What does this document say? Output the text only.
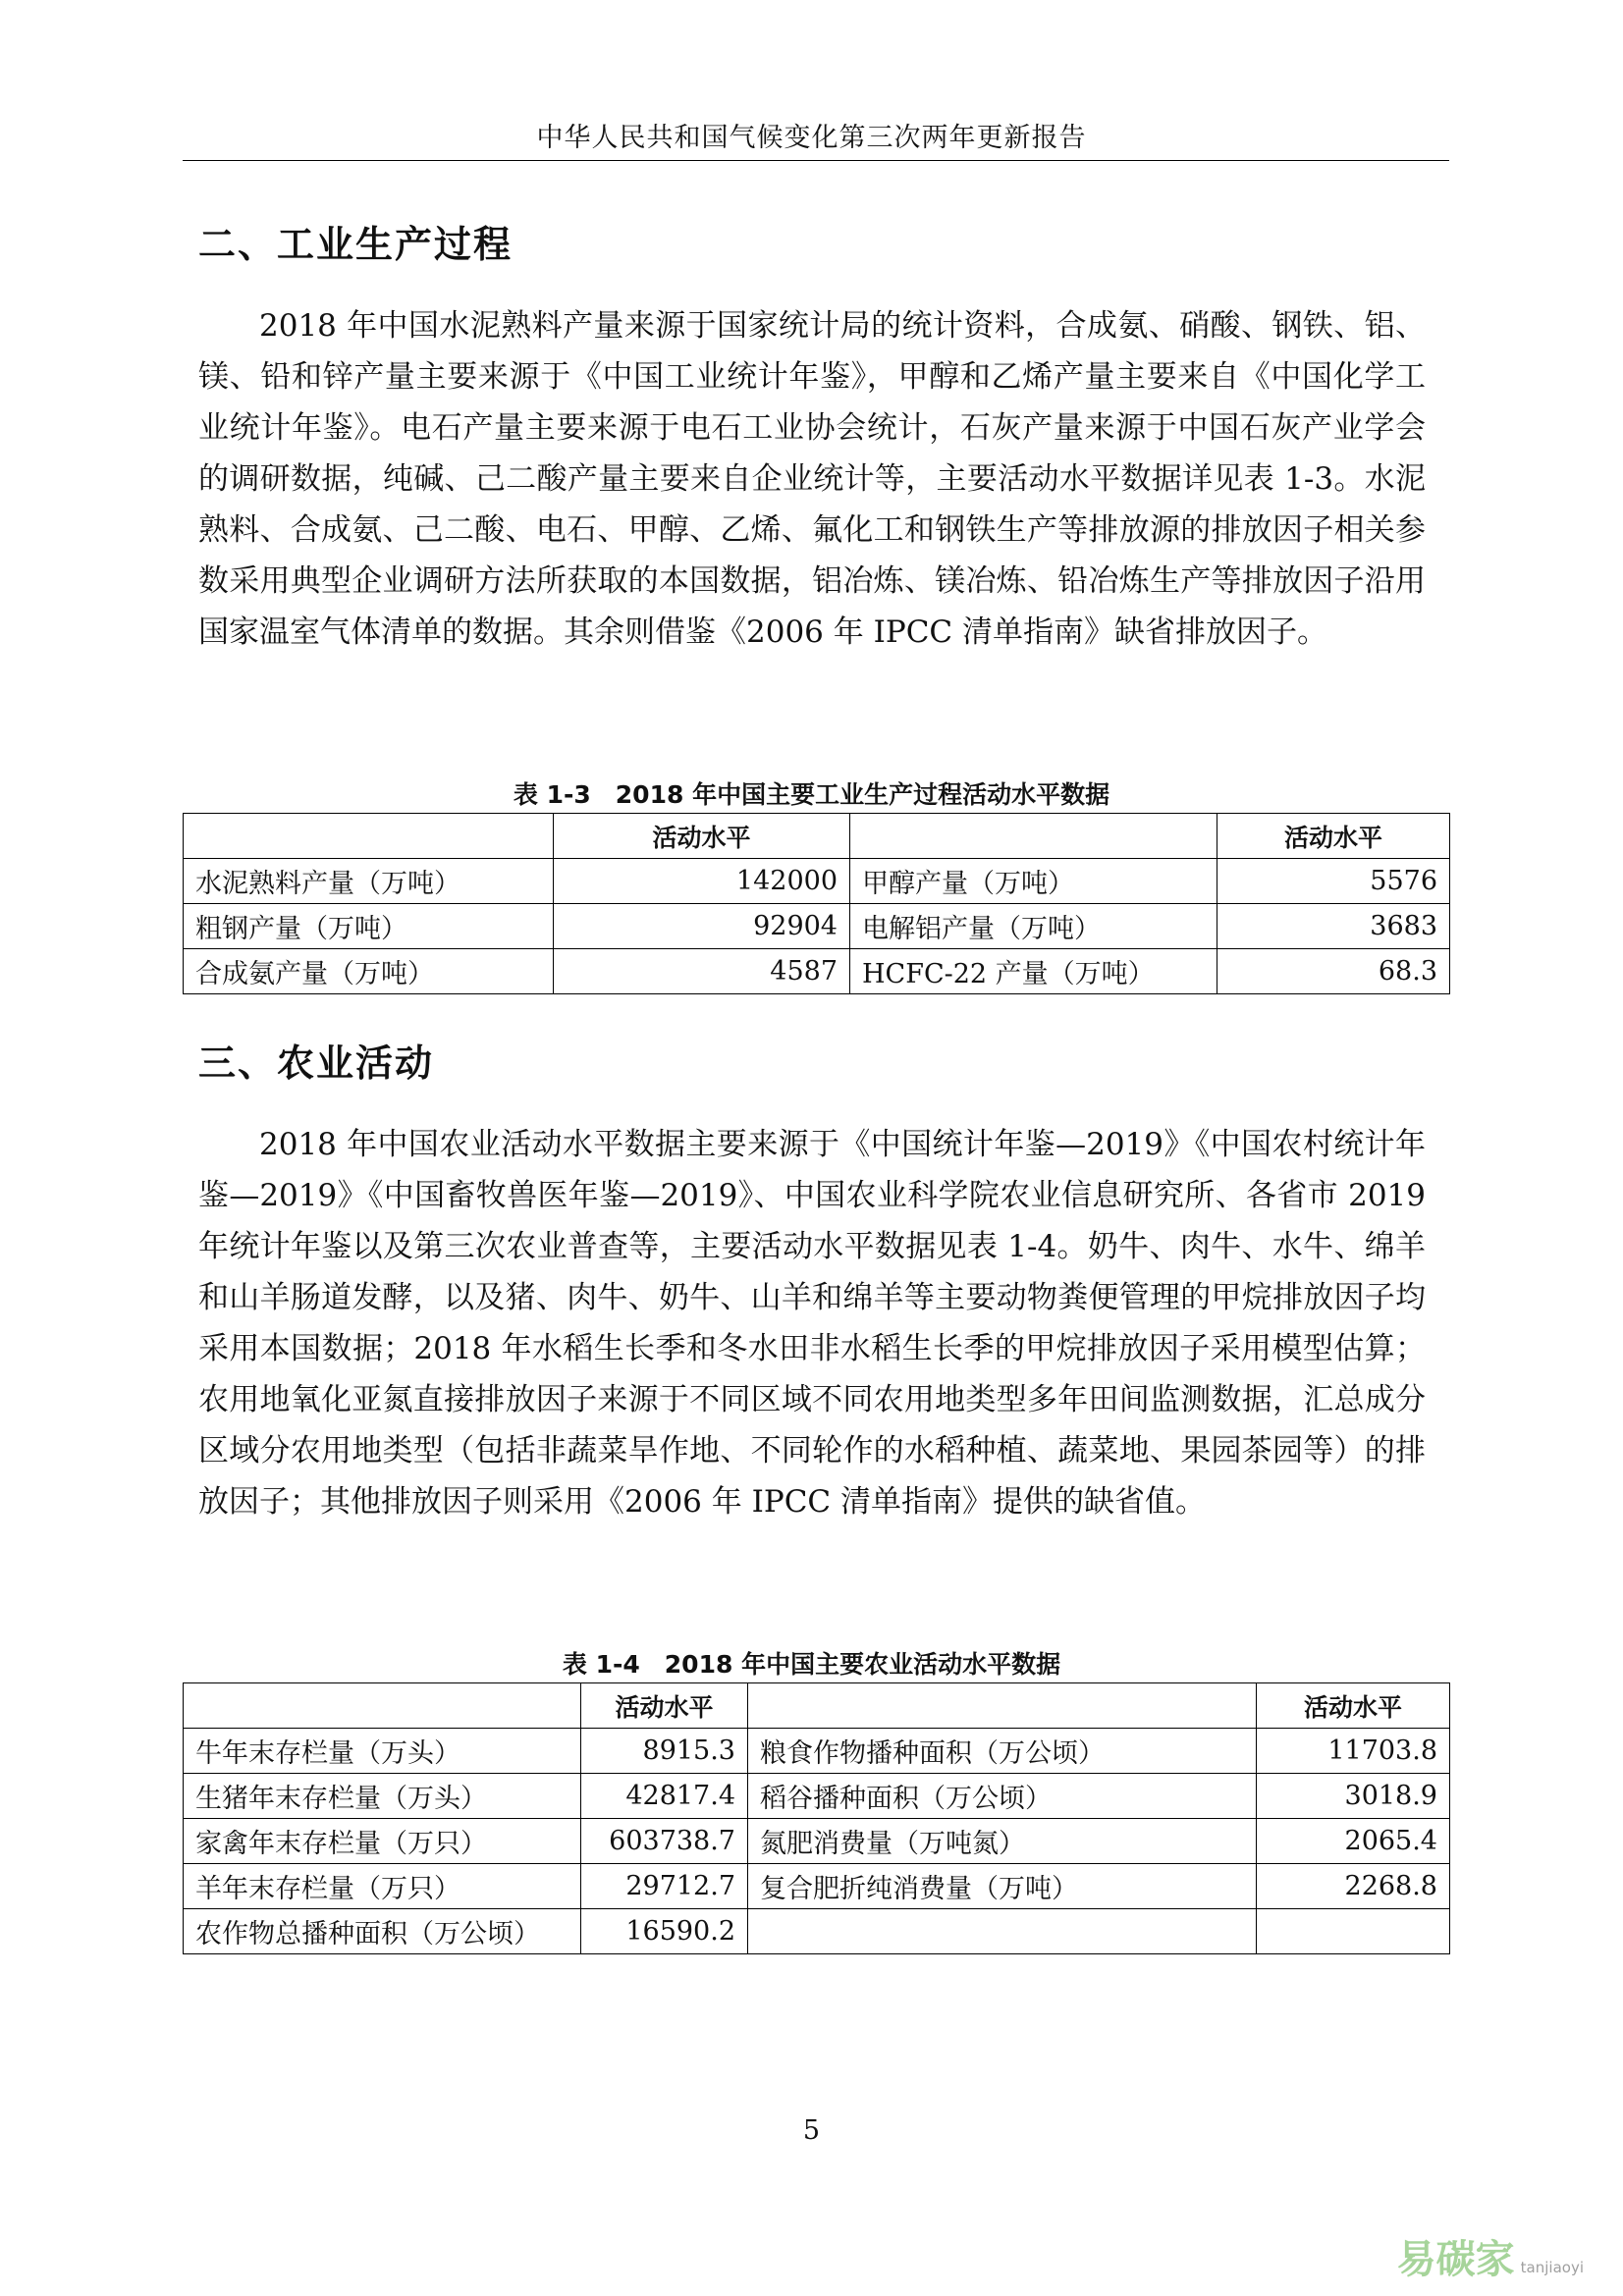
中华人民共和国气候变化第三次两年更新报告
二、工业生产过程

2018 年中国水泥熟料产量来源于国家统计局的统计资料，合成氨、硝酸、钢铁、铝、镁、铅和锌产量主要来源于《中国工业统计年鉴》，甲醇和乙烯产量主要来自《中国化学工业统计年鉴》。电石产量主要来源于电石工业协会统计，石灰产量来源于中国石灰产业学会的调研数据，纯碱、己二酸产量主要来自企业统计等，主要活动水平数据详见表 1-3。水泥熟料、合成氨、己二酸、电石、甲醇、乙烯、氟化工和钢铁生产等排放源的排放因子相关参数采用典型企业调研方法所获取的本国数据，铝冶炼、镁冶炼、铅冶炼生产等排放因子沿用国家温室气体清单的数据。其余则借鉴《2006 年 IPCC 清单指南》缺省排放因子。

表 1-3　2018 年中国主要工业生产过程活动水平数据
	活动水平		活动水平
水泥熟料产量（万吨）	142000	甲醇产量（万吨）	5576
粗钢产量（万吨）	92904	电解铝产量（万吨）	3683
合成氨产量（万吨）	4587	HCFC-22 产量（万吨）	68.3
三、农业活动

2018 年中国农业活动水平数据主要来源于《中国统计年鉴—2019》《中国农村统计年鉴—2019》《中国畜牧兽医年鉴—2019》、中国农业科学院农业信息研究所、各省市 2019 年统计年鉴以及第三次农业普查等，主要活动水平数据见表 1-4。奶牛、肉牛、水牛、绵羊和山羊肠道发酵，以及猪、肉牛、奶牛、山羊和绵羊等主要动物粪便管理的甲烷排放因子均采用本国数据；2018 年水稻生长季和冬水田非水稻生长季的甲烷排放因子采用模型估算；农用地氧化亚氮直接排放因子来源于不同区域不同农用地类型多年田间监测数据，汇总成分区域分农用地类型（包括非蔬菜旱作地、不同轮作的水稻种植、蔬菜地、果园茶园等）的排放因子；其他排放因子则采用《2006 年 IPCC 清单指南》提供的缺省值。

表 1-4　2018 年中国主要农业活动水平数据
	活动水平		活动水平
牛年末存栏量（万头）	8915.3	粮食作物播种面积（万公顷）	11703.8
生猪年末存栏量（万头）	42817.4	稻谷播种面积（万公顷）	3018.9
家禽年末存栏量（万只）	603738.7	氮肥消费量（万吨氮）	2065.4
羊年末存栏量（万只）	29712.7	复合肥折纯消费量（万吨）	2268.8
农作物总播种面积（万公顷）	16590.2		
5
易碳家 tanjiaoyi
